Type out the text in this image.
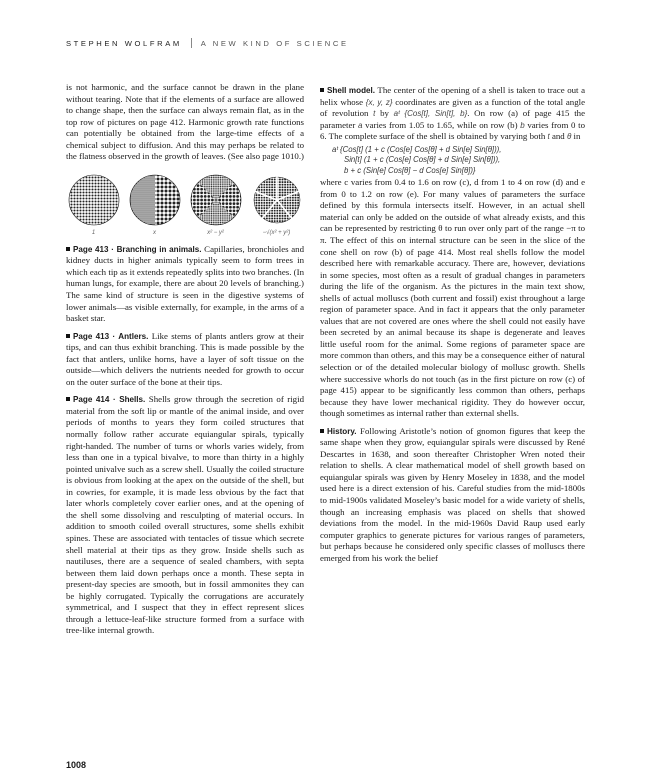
STEPHEN WOLFRAM	A NEW KIND OF SCIENCE

is not harmonic, and the surface cannot be drawn in the plane without tearing. Note that if the elements of a surface are allowed to change shape, then the surface can always remain flat, as in the top row of pictures on page 412. Harmonic growth rate functions can potentially be obtained from the large-time effects of a chemical subject to diffusion. And this may perhaps be related to the flatness observed in the growth of leaves. (See also page 1010.)

1	x	x² − y²	−√(x² + y²)

Page 413 · Branching in animals. Capillaries, bronchioles and kidney ducts in higher animals typically seem to form trees in which each tip as it extends repeatedly splits into two branches. (In human lungs, for example, there are about 20 levels of branching.) The same kind of structure is seen in the digestive systems of lower animals—as visible externally, for example, in the arms of a basket star.

Page 413 · Antlers. Like stems of plants antlers grow at their tips, and can thus exhibit branching. This is made possible by the fact that antlers, unlike horns, have a layer of soft tissue on the outside—which delivers the nutrients needed for growth to occur on the outer surface of the bone at their tips.

Page 414 · Shells. Shells grow through the secretion of rigid material from the soft lip or mantle of the animal inside, and over periods of months to years they form coiled structures that normally follow rather accurate equiangular spirals, typically right-handed. The number of turns or whorls varies widely, from less than one in a typical bivalve, to more than thirty in a highly pointed univalve such as a screw shell. Usually the coiled structure is obvious from looking at the apex on the outside of the shell, but in cowries, for example, it is made less obvious by the fact that later whorls completely cover earlier ones, and at the opening of the shell some dissolving and resculpting of material occurs. In addition to smooth coiled overall structures, some shells exhibit spines. These are associated with tentacles of tissue which secrete shell material at their tips as they grow. Inside shells such as nautiluses, there are a sequence of sealed chambers, with septa between them laid down perhaps once a month. These septa in present-day species are smooth, but in fossil ammonites they can be highly corrugated. Typically the corrugations are accurately symmetrical, and I suspect that they in effect represent slices through a lettuce-leaf-like structure formed from a surface with tree-like internal growth.

Shell model. The center of the opening of a shell is taken to trace out a helix whose {x, y, z} coordinates are given as a function of the total angle of revolution t by aᵗ {Cos[t], Sin[t], b}. On row (a) of page 415 the parameter a varies from 1.05 to 1.65, while on row (b) b varies from 0 to 6. The complete surface of the shell is obtained by varying both t and θ in

aᵗ {Cos[t] (1 + c (Cos[e] Cos[θ] + d Sin[e] Sin[θ])),
Sin[t] (1 + c (Cos[e] Cos[θ] + d Sin[e] Sin[θ])),
b + c (Sin[e] Cos[θ] − d Cos[e] Sin[θ])}

where c varies from 0.4 to 1.6 on row (c), d from 1 to 4 on row (d) and e from 0 to 1.2 on row (e). For many values of parameters the surface defined by this formula intersects itself. However, in an actual shell material can only be added on the outside of what already exists, and this can be represented by restricting θ to run over only part of the range −π to π. The effect of this on internal structure can be seen in the slice of the cone shell on row (b) of page 414. Most real shells follow the model described here with remarkable accuracy. There are, however, deviations in some species, most often as a result of gradual changes in parameters during the life of the organism. As the pictures in the main text show, shells of actual molluscs (both current and fossil) exist throughout a large region of parameter space. And in fact it appears that the only parameter values that are not covered are ones where the shell could not easily have been secreted by an animal because its shape is degenerate and leaves little useful room for the animal. Some regions of parameter space are more common than others, and this may be a consequence either of natural selection or of the detailed molecular biology of mollusc growth. Shells where successive whorls do not touch (as in the first picture on row (c) of page 415) appear to be significantly less common than others, perhaps because they have lower mechanical rigidity. They do however occur, though sometimes as internal rather than external shells.

History. Following Aristotle’s notion of gnomon figures that keep the same shape when they grow, equiangular spirals were discussed by René Descartes in 1638, and soon thereafter Christopher Wren noted their relation to shells. A clear mathematical model of shell growth based on equiangular spirals was given by Henry Moseley in 1838, and the model used here is a direct extension of his. Careful studies from the mid-1800s to mid-1900s validated Moseley’s basic model for a wide variety of shells, though an increasing emphasis was placed on shells that showed deviations from the model. In the mid-1960s David Raup used early computer graphics to generate pictures for various ranges of parameters, but perhaps because he considered only specific classes of molluscs there emerged from his work the belief

1008
